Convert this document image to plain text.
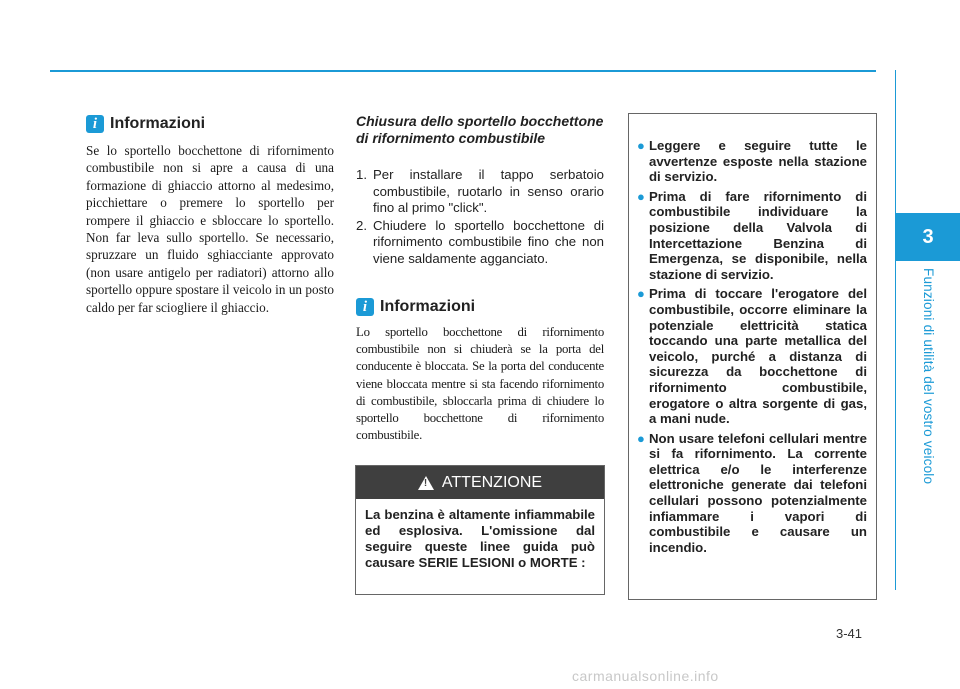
3
Funzioni di utilità del vostro veicolo
i Informazioni
Se lo sportello bocchettone di rifornimento combustibile non si apre a causa di una formazione di ghiaccio attorno al medesimo, picchiettare o premere lo sportello per rompere il ghiaccio e sbloccare lo sportello. Non far leva sullo sportello. Se necessario, spruzzare un fluido sghiacciante approvato (non usare antigelo per radiatori) attorno allo sportello oppure spostare il veicolo in un posto caldo per far sciogliere il ghiaccio.
Chiusura dello sportello bocchettone di rifornimento combustibile
1. Per installare il tappo serbatoio combustibile, ruotarlo in senso orario fino al primo "click".
2. Chiudere lo sportello bocchettone di rifornimento combustibile fino che non viene saldamente agganciato.
i Informazioni
Lo sportello bocchettone di rifornimento combustibile non si chiuderà se la porta del conducente è bloccata. Se la porta del conducente viene bloccata mentre si sta facendo rifornimento di combustibile, sbloccarla prima di chiudere lo sportello bocchettone di rifornimento combustibile.
!
ATTENZIONE
La benzina è altamente infiammabile ed esplosiva. L'omissione dal seguire queste linee guida può causare SERIE LESIONI o MORTE :
● Leggere e seguire tutte le avvertenze esposte nella stazione di servizio.
● Prima di fare rifornimento di combustibile individuare la posizione della Valvola di Intercettazione Benzina di Emergenza, se disponibile, nella stazione di servizio.
● Prima di toccare l'erogatore del combustibile, occorre eliminare la potenziale elettricità statica toccando una parte metallica del veicolo, purché a distanza di sicurezza da bocchettone di rifornimento combustibile, erogatore o altra sorgente di gas, a mani nude.
● Non usare telefoni cellulari mentre si fa rifornimento. La corrente elettrica e/o le interferenze elettroniche generate dai telefoni cellulari possono potenzialmente infiammare i vapori di combustibile e causare un incendio.
3-41
carmanualsonline.info
